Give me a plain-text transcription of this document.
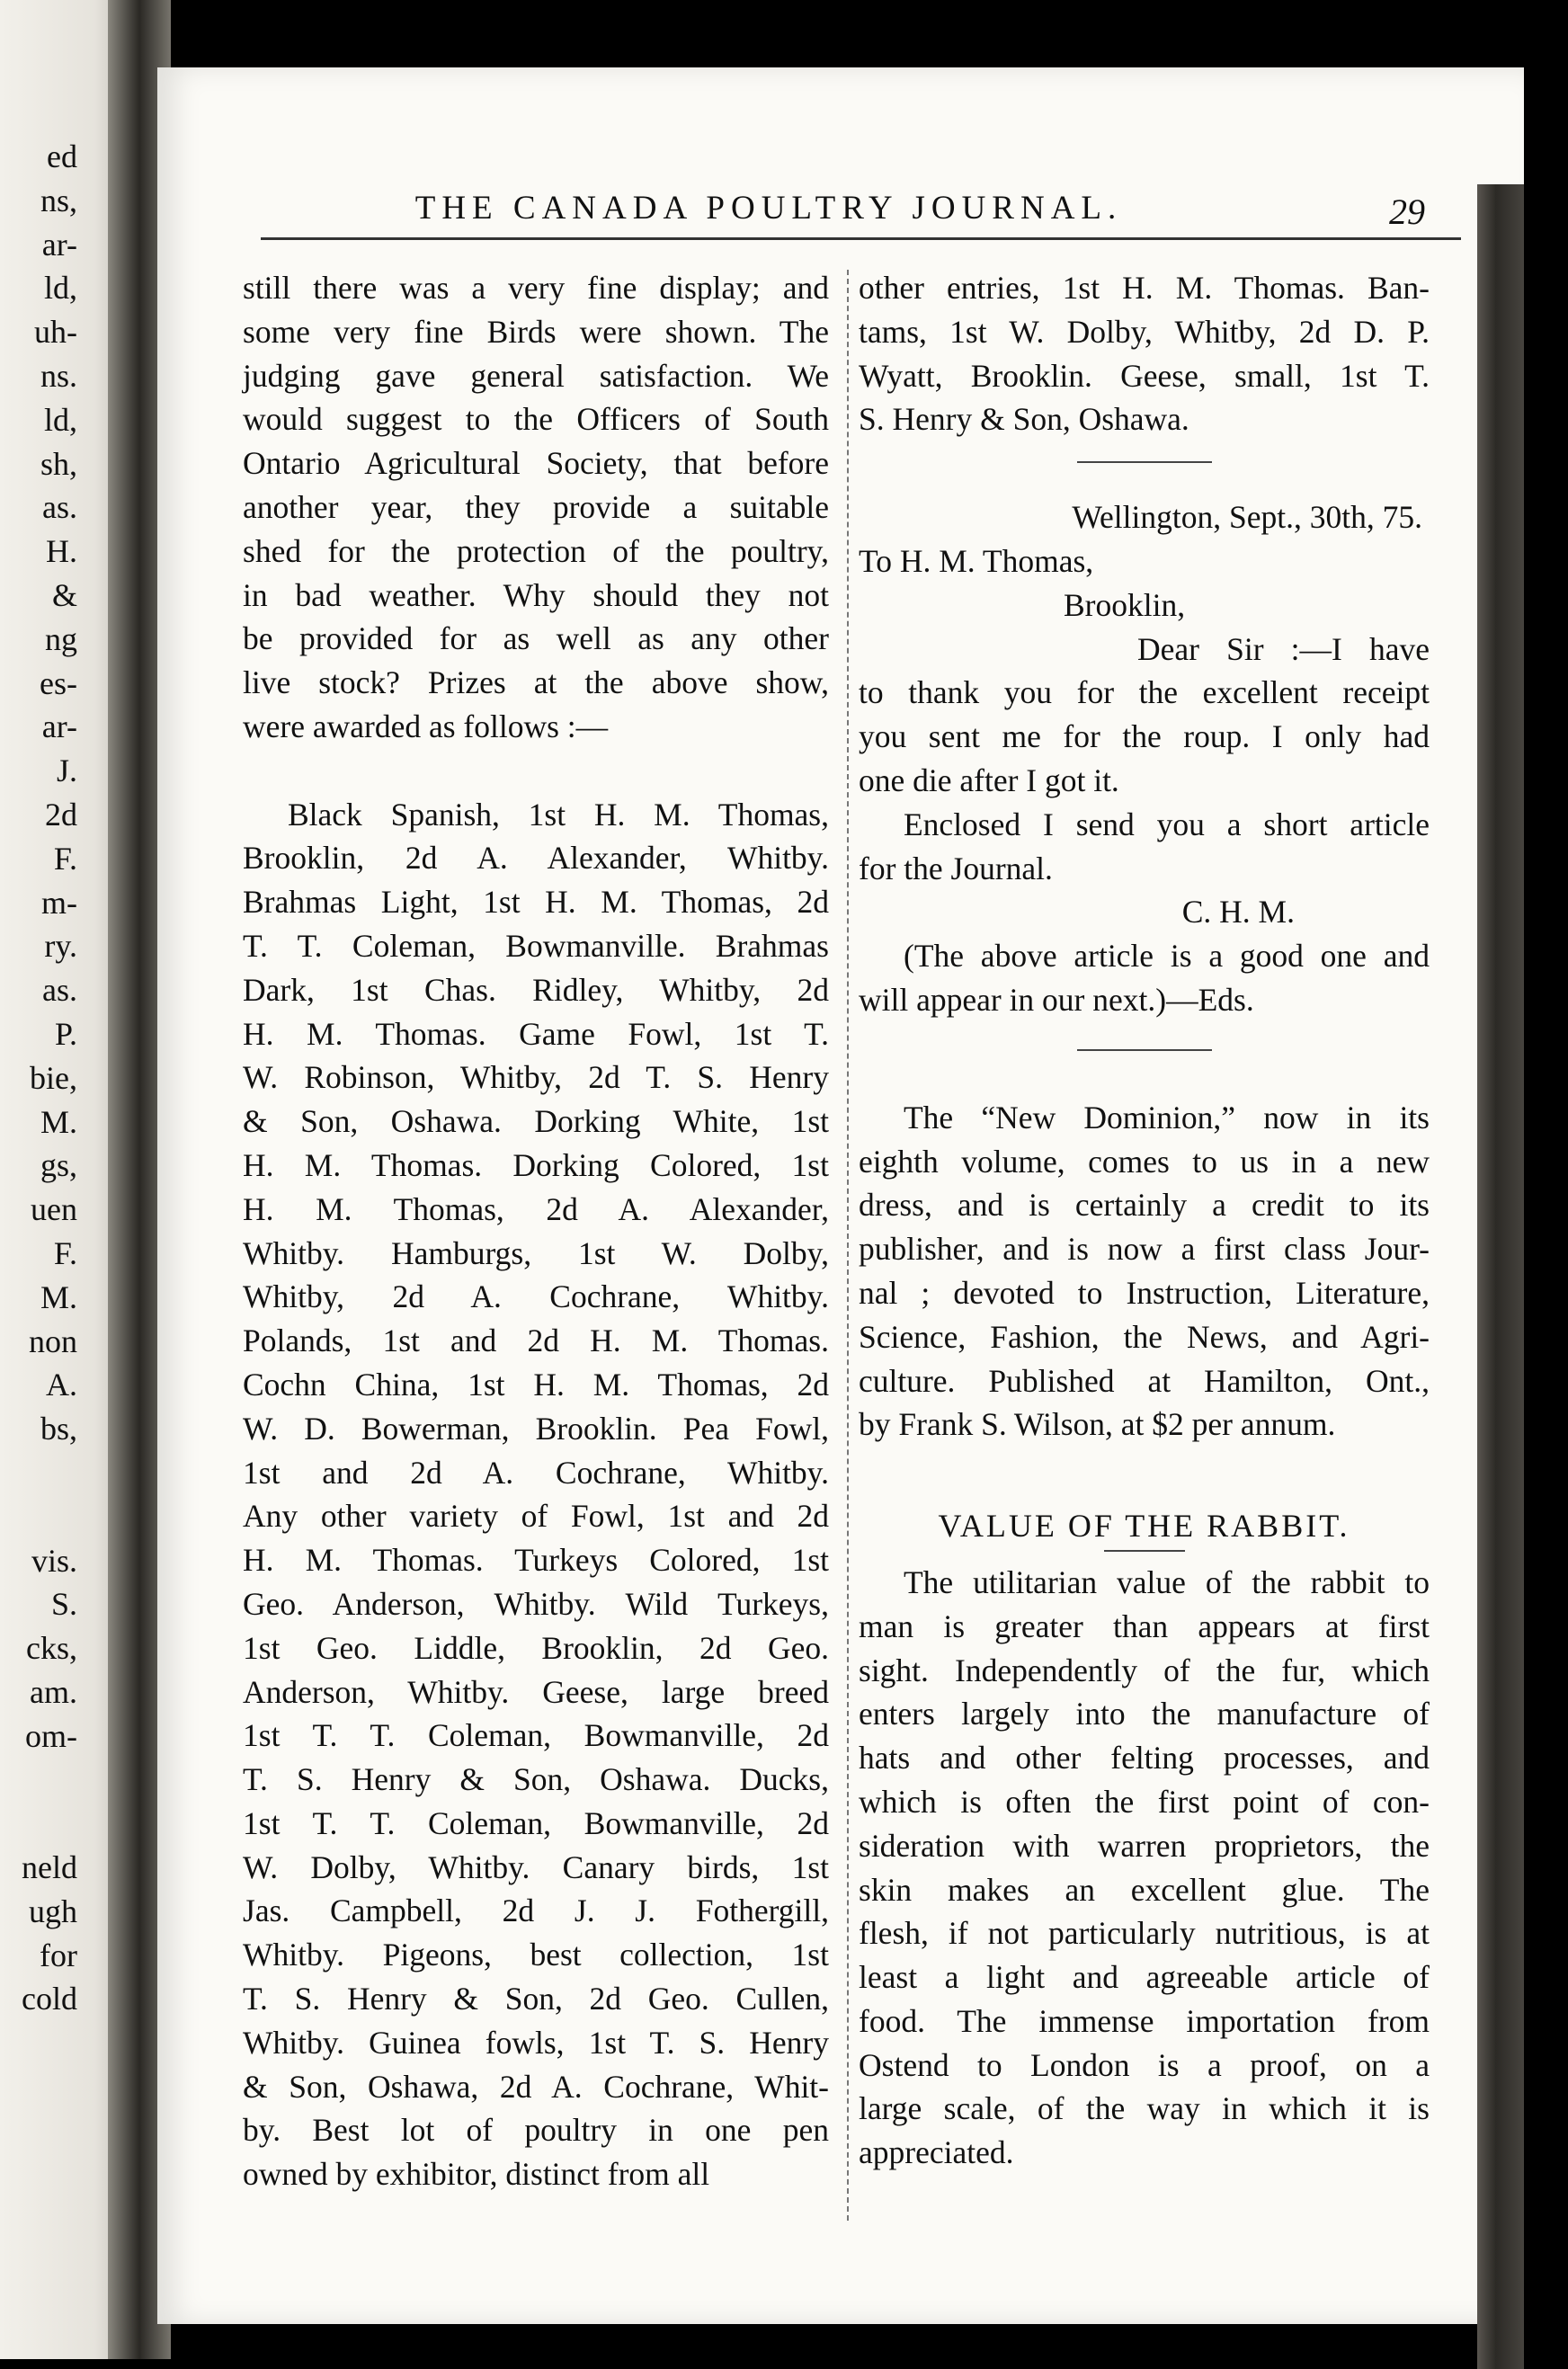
ed
ns,
ar-
ld,
uh-
ns.
ld,
sh,
as.
H.
&
ng
es-
ar-
J.
2d
F.
m-
ry.
as.
P.
bie,
M.
gs,
uen
F.
M.
non
A.
bs,
vis.
S.
cks,
am.
om-
neld
ugh
for
cold
THE CANADA POULTRY JOURNAL.	29
still there was a very fine display; and
some very fine Birds were shown. The
judging gave general satisfaction. We
would suggest to the Officers of South
Ontario Agricultural Society, that before
another year, they provide a suitable
shed for the protection of the poultry,
in bad weather. Why should they not
be provided for as well as any other
live stock? Prizes at the above show,
were awarded as follows :—
Black Spanish, 1st H. M. Thomas,
Brooklin, 2d A. Alexander, Whitby.
Brahmas Light, 1st H. M. Thomas, 2d
T. T. Coleman, Bowmanville. Brahmas
Dark, 1st Chas. Ridley, Whitby, 2d
H. M. Thomas. Game Fowl, 1st T.
W. Robinson, Whitby, 2d T. S. Henry
& Son, Oshawa. Dorking White, 1st
H. M. Thomas. Dorking Colored, 1st
H. M. Thomas, 2d A. Alexander,
Whitby. Hamburgs, 1st W. Dolby,
Whitby, 2d A. Cochrane, Whitby.
Polands, 1st and 2d H. M. Thomas.
Cochn China, 1st H. M. Thomas, 2d
W. D. Bowerman, Brooklin. Pea Fowl,
1st and 2d A. Cochrane, Whitby.
Any other variety of Fowl, 1st and 2d
H. M. Thomas. Turkeys Colored, 1st
Geo. Anderson, Whitby. Wild Turkeys,
1st Geo. Liddle, Brooklin, 2d Geo.
Anderson, Whitby. Geese, large breed
1st T. T. Coleman, Bowmanville, 2d
T. S. Henry & Son, Oshawa. Ducks,
1st T. T. Coleman, Bowmanville, 2d
W. Dolby, Whitby. Canary birds, 1st
Jas. Campbell, 2d J. J. Fothergill,
Whitby. Pigeons, best collection, 1st
T. S. Henry & Son, 2d Geo. Cullen,
Whitby. Guinea fowls, 1st T. S. Henry
& Son, Oshawa, 2d A. Cochrane, Whit-
by. Best lot of poultry in one pen
owned by exhibitor, distinct from all
other entries, 1st H. M. Thomas. Ban-
tams, 1st W. Dolby, Whitby, 2d D. P.
Wyatt, Brooklin. Geese, small, 1st T.
S. Henry & Son, Oshawa.
Wellington, Sept., 30th, 75.
To H. M. Thomas,
Brooklin,
Dear Sir :—I have
to thank you for the excellent receipt
you sent me for the roup. I only had
one die after I got it.
Enclosed I send you a short article
for the Journal.
C. H. M.
(The above article is a good one and
will appear in our next.)—Eds.
The “New Dominion,” now in its
eighth volume, comes to us in a new
dress, and is certainly a credit to its
publisher, and is now a first class Jour-
nal ; devoted to Instruction, Literature,
Science, Fashion, the News, and Agri-
culture. Published at Hamilton, Ont.,
by Frank S. Wilson, at $2 per annum.
VALUE OF THE RABBIT.
The utilitarian value of the rabbit to
man is greater than appears at first
sight. Independently of the fur, which
enters largely into the manufacture of
hats and other felting processes, and
which is often the first point of con-
sideration with warren proprietors, the
skin makes an excellent glue. The
flesh, if not particularly nutritious, is at
least a light and agreeable article of
food. The immense importation from
Ostend to London is a proof, on a
large scale, of the way in which it is
appreciated.
